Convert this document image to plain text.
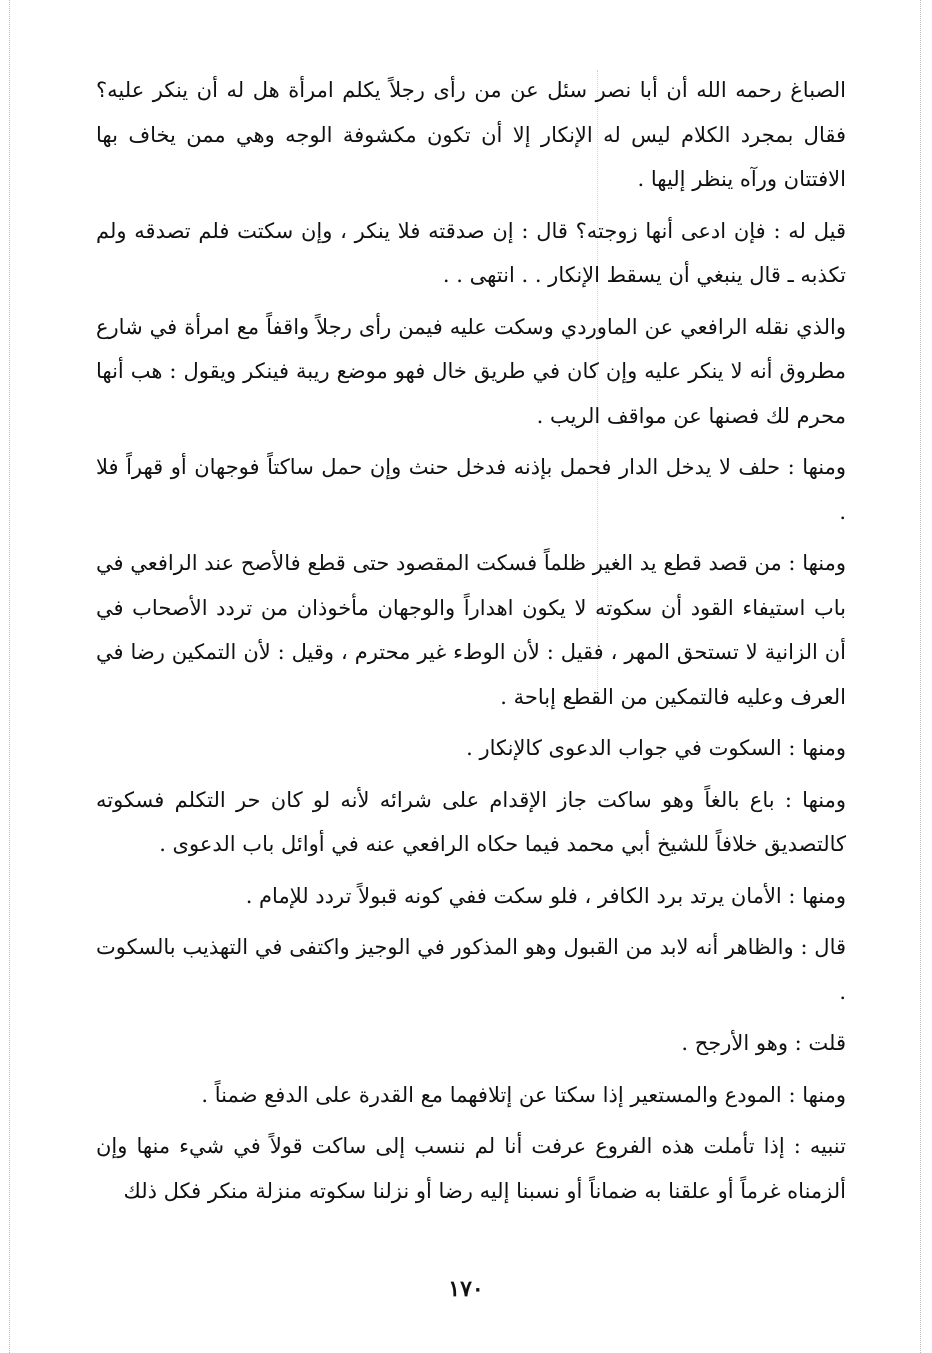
الصباغ رحمه الله أن أبا نصر سئل عن من رأى رجلاً يكلم امرأة هل له أن ينكر عليه؟ فقال بمجرد الكلام ليس له الإنكار إلا أن تكون مكشوفة الوجه وهي ممن يخاف بها الافتتان ورآه ينظر إليها .

قيل له : فإن ادعى أنها زوجته؟ قال : إن صدقته فلا ينكر ، وإن سكتت فلم تصدقه ولم تكذبه ـ قال ينبغي أن يسقط الإنكار . . انتهى . .

والذي نقله الرافعي عن الماوردي وسكت عليه فيمن رأى رجلاً واقفاً مع امرأة في شارع مطروق أنه لا ينكر عليه وإن كان في طريق خال فهو موضع ريبة فينكر ويقول : هب أنها محرم لك فصنها عن مواقف الريب .

ومنها : حلف لا يدخل الدار فحمل بإذنه فدخل حنث وإن حمل ساكتاً فوجهان أو قهراً فلا .

ومنها : من قصد قطع يد الغير ظلماً فسكت المقصود حتى قطع فالأصح عند الرافعي في باب استيفاء القود أن سكوته لا يكون اهداراً والوجهان مأخوذان من تردد الأصحاب في أن الزانية لا تستحق المهر ، فقيل : لأن الوطء غير محترم ، وقيل : لأن التمكين رضا في العرف وعليه فالتمكين من القطع إباحة .

ومنها : السكوت في جواب الدعوى كالإنكار .

ومنها : باع بالغاً وهو ساكت جاز الإقدام على شرائه لأنه لو كان حر التكلم فسكوته كالتصديق خلافاً للشيخ أبي محمد فيما حكاه الرافعي عنه في أوائل باب الدعوى .

ومنها : الأمان يرتد برد الكافر ، فلو سكت ففي كونه قبولاً تردد للإمام .

قال : والظاهر أنه لابد من القبول وهو المذكور في الوجيز واكتفى في التهذيب بالسكوت .

قلت : وهو الأرجح .

ومنها : المودع والمستعير إذا سكتا عن إتلافهما مع القدرة على الدفع ضمناً .

تنبيه : إذا تأملت هذه الفروع عرفت أنا لم ننسب إلى ساكت قولاً في شيء منها وإن ألزمناه غرماً أو علقنا به ضماناً أو نسبنا إليه رضا أو نزلنا سكوته منزلة منكر فكل ذلك

١٧٠
